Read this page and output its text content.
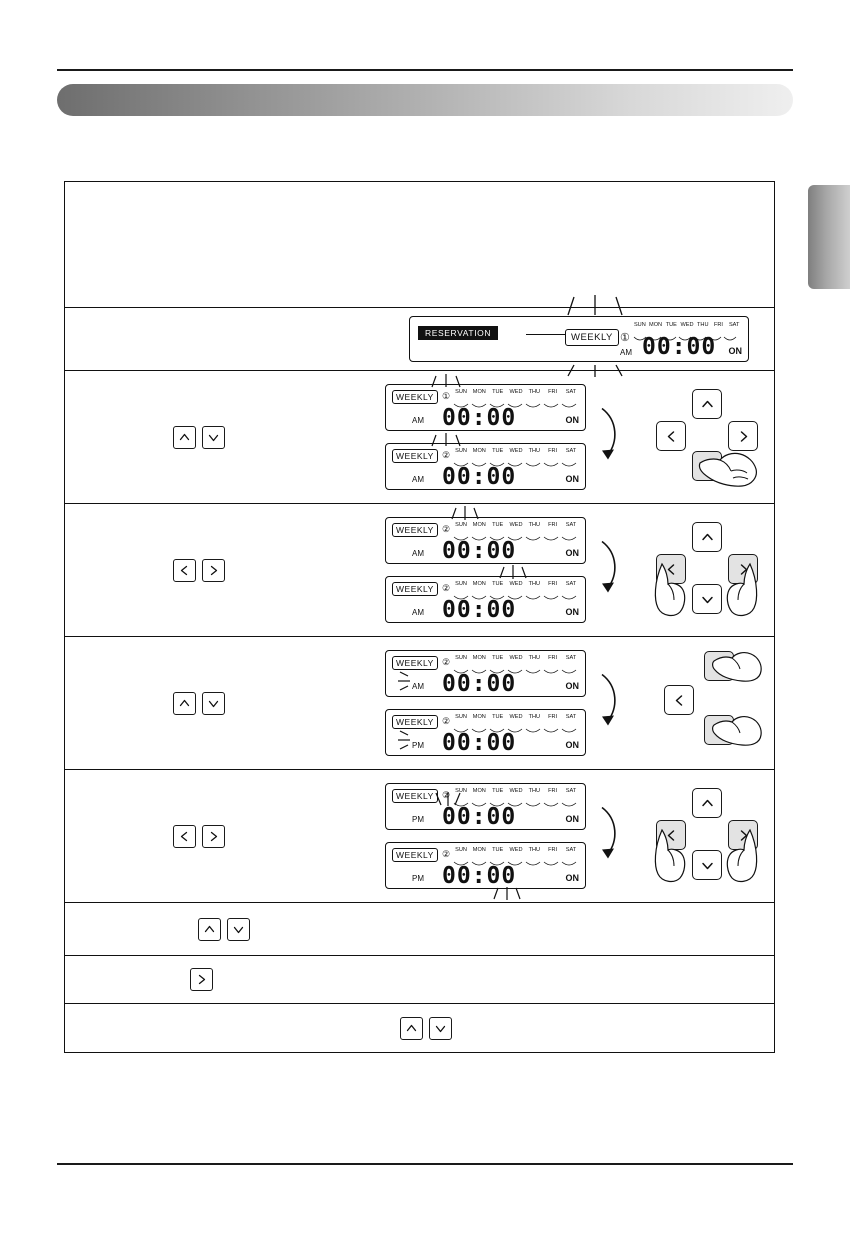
RESERVATION	WEEKLY ①
SUN MON TUE WED THU FRI	SAT
AM 00:00 ON
WEEKLY ① SUN	MON	TUE	WED	THU	FRI	SAT
AM 00:00	ON
WEEKLY ② SUN	MON	TUE	WED	THU	FRI	SAT
AM 00:00	ON
WEEKLY ② SUN	MON	TUE	WED	THU	FRI	SAT
AM 00:00	ON
WEEKLY ② SUN	MON	TUE	WED	THU	FRI	SAT
AM 00:00	ON
WEEKLY ② SUN	MON	TUE	WED	THU	FRI	SAT
AM 00:00	ON
WEEKLY ② SUN	MON	TUE	WED	THU	FRI	SAT
PM 00:00	ON
WEEKLY ② SUN	MON	TUE	WED	THU	FRI	SAT
PM 00:00	ON
WEEKLY ② SUN	MON	TUE	WED	THU	FRI	SAT
PM 00:00	ON
